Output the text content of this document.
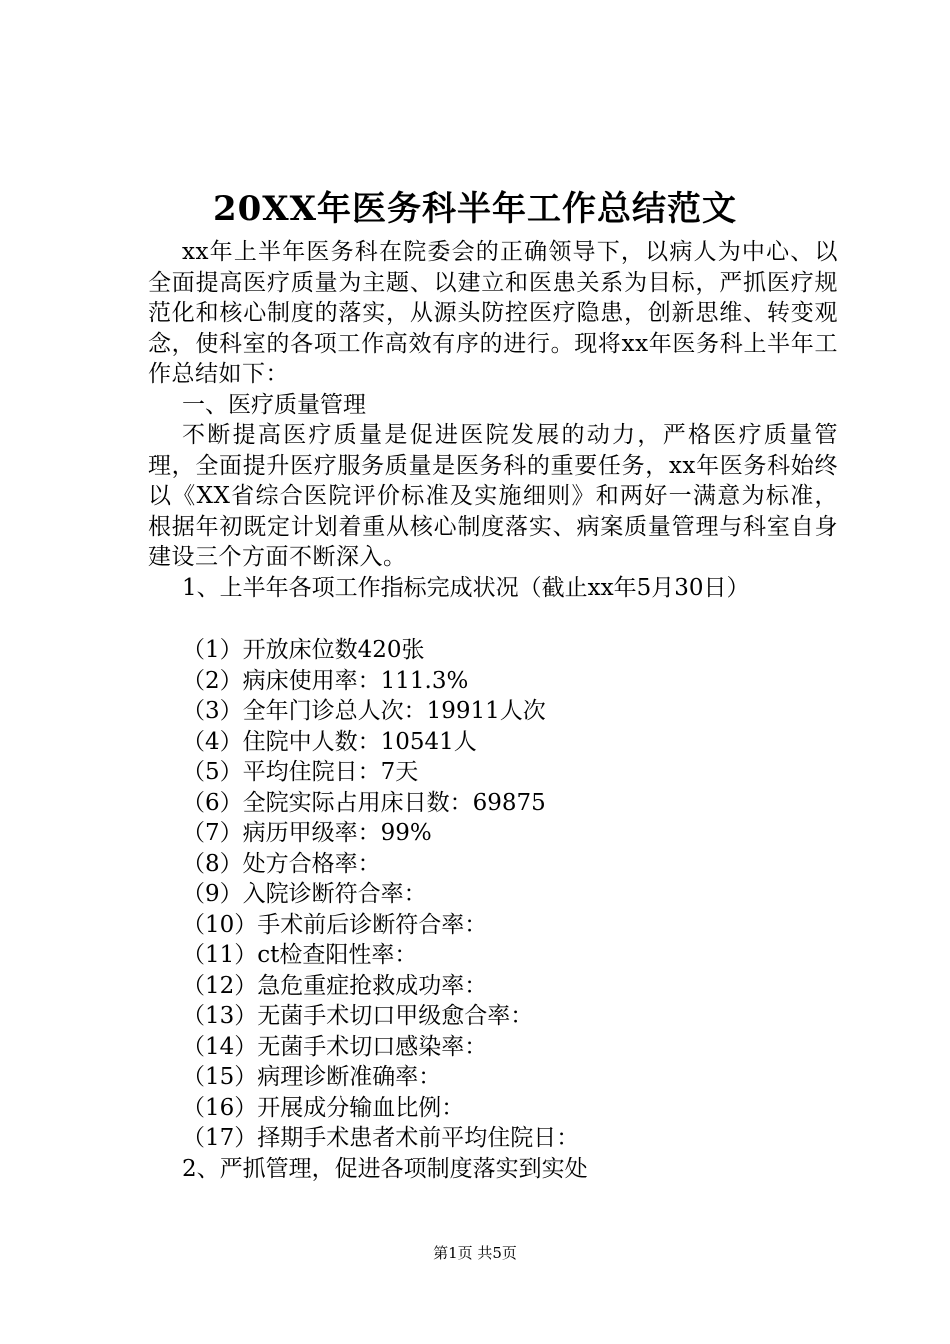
20XX年医务科半年工作总结范文

xx年上半年医务科在院委会的正确领导下，以病人为中心、以全面提高医疗质量为主题、以建立和医患关系为目标，严抓医疗规范化和核心制度的落实，从源头防控医疗隐患，创新思维、转变观念，使科室的各项工作高效有序的进行。现将xx年医务科上半年工作总结如下：

一、医疗质量管理

不断提高医疗质量是促进医院发展的动力，严格医疗质量管理，全面提升医疗服务质量是医务科的重要任务，xx年医务科始终以《XX省综合医院评价标准及实施细则》和两好一满意为标准，根据年初既定计划着重从核心制度落实、病案质量管理与科室自身建设三个方面不断深入。

1、上半年各项工作指标完成状况（截止xx年5月30日）

（1）开放床位数420张

（2）病床使用率：111.3%

（3）全年门诊总人次：19911人次

（4）住院中人数：10541人

（5）平均住院日：7天

（6）全院实际占用床日数：69875

（7）病历甲级率：99%

（8）处方合格率：

（9）入院诊断符合率：

（10）手术前后诊断符合率：

（11）ct检查阳性率：

（12）急危重症抢救成功率：

（13）无菌手术切口甲级愈合率：

（14）无菌手术切口感染率：

（15）病理诊断准确率：

（16）开展成分输血比例：

（17）择期手术患者术前平均住院日：

2、严抓管理，促进各项制度落实到实处

第1页 共5页
